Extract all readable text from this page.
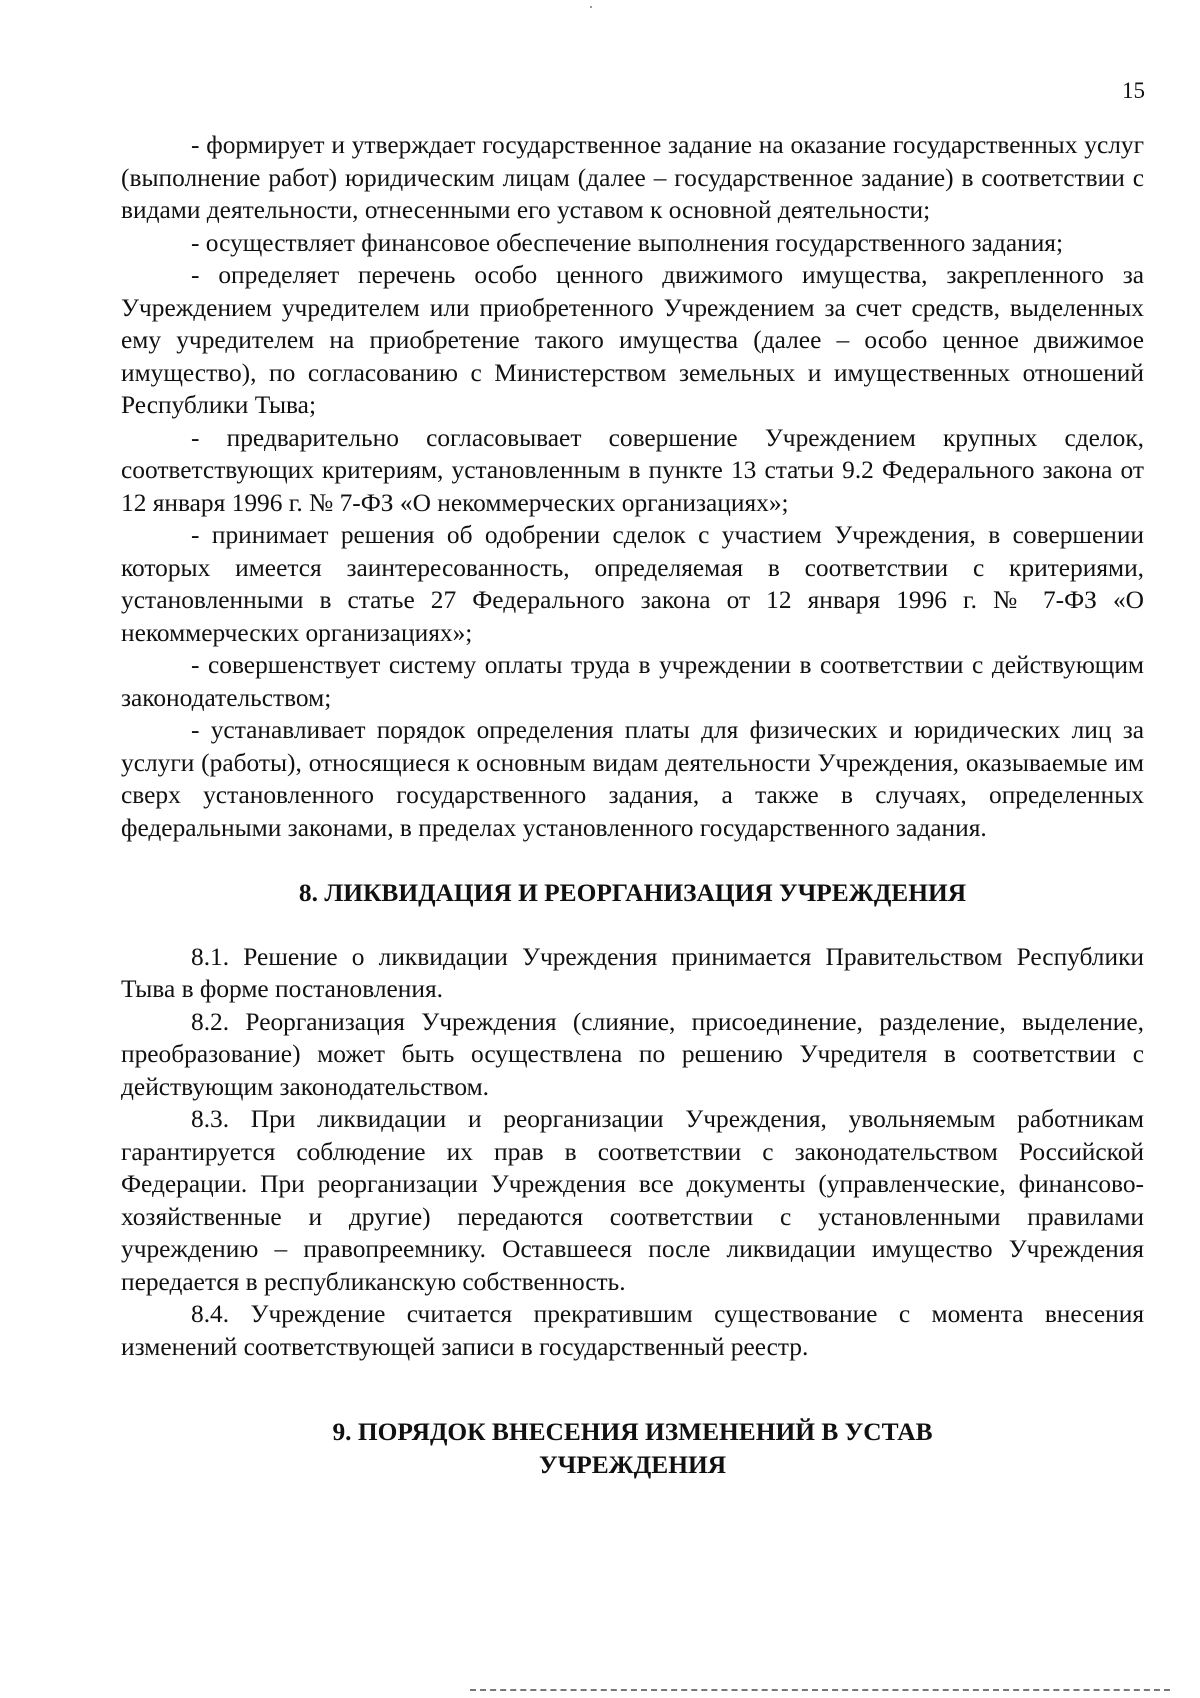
15

- формирует и утверждает государственное задание на оказание государственных услуг (выполнение работ) юридическим лицам (далее – государственное задание) в соответствии с видами деятельности, отнесенными его уставом к основной деятельности;

- осуществляет финансовое обеспечение выполнения государственного задания;

- определяет перечень особо ценного движимого имущества, закрепленного за Учреждением учредителем или приобретенного Учреждением за счет средств, выделенных ему учредителем на приобретение такого имущества (далее – особо ценное движимое имущество), по согласованию с Министерством земельных и имущественных отношений Республики Тыва;

- предварительно согласовывает совершение Учреждением крупных сделок, соответствующих критериям, установленным в пункте 13 статьи 9.2 Федерального закона от 12 января 1996 г. № 7-ФЗ «О некоммерческих организациях»;

- принимает решения об одобрении сделок с участием Учреждения, в совершении которых имеется заинтересованность, определяемая в соответствии с критериями, установленными в статье 27 Федерального закона от 12 января 1996 г. № 7-ФЗ «О некоммерческих организациях»;

- совершенствует систему оплаты труда в учреждении в соответствии с действующим законодательством;

- устанавливает порядок определения платы для физических и юридических лиц за услуги (работы), относящиеся к основным видам деятельности Учреждения, оказываемые им сверх установленного государственного задания, а также в случаях, определенных федеральными законами, в пределах установленного государственного задания.

8. ЛИКВИДАЦИЯ И РЕОРГАНИЗАЦИЯ УЧРЕЖДЕНИЯ

8.1. Решение о ликвидации Учреждения принимается Правительством Республики Тыва в форме постановления.

8.2. Реорганизация Учреждения (слияние, присоединение, разделение, выделение, преобразование) может быть осуществлена по решению Учредителя в соответствии с действующим законодательством.

8.3. При ликвидации и реорганизации Учреждения, увольняемым работникам гарантируется соблюдение их прав в соответствии с законодательством Российской Федерации. При реорганизации Учреждения все документы (управленческие, финансово-хозяйственные и другие) передаются соответствии с установленными правилами учреждению – правопреемнику. Оставшееся после ликвидации имущество Учреждения передается в республиканскую собственность.

8.4. Учреждение считается прекратившим существование с момента внесения изменений соответствующей записи в государственный реестр.

9. ПОРЯДОК ВНЕСЕНИЯ ИЗМЕНЕНИЙ В УСТАВ УЧРЕЖДЕНИЯ
